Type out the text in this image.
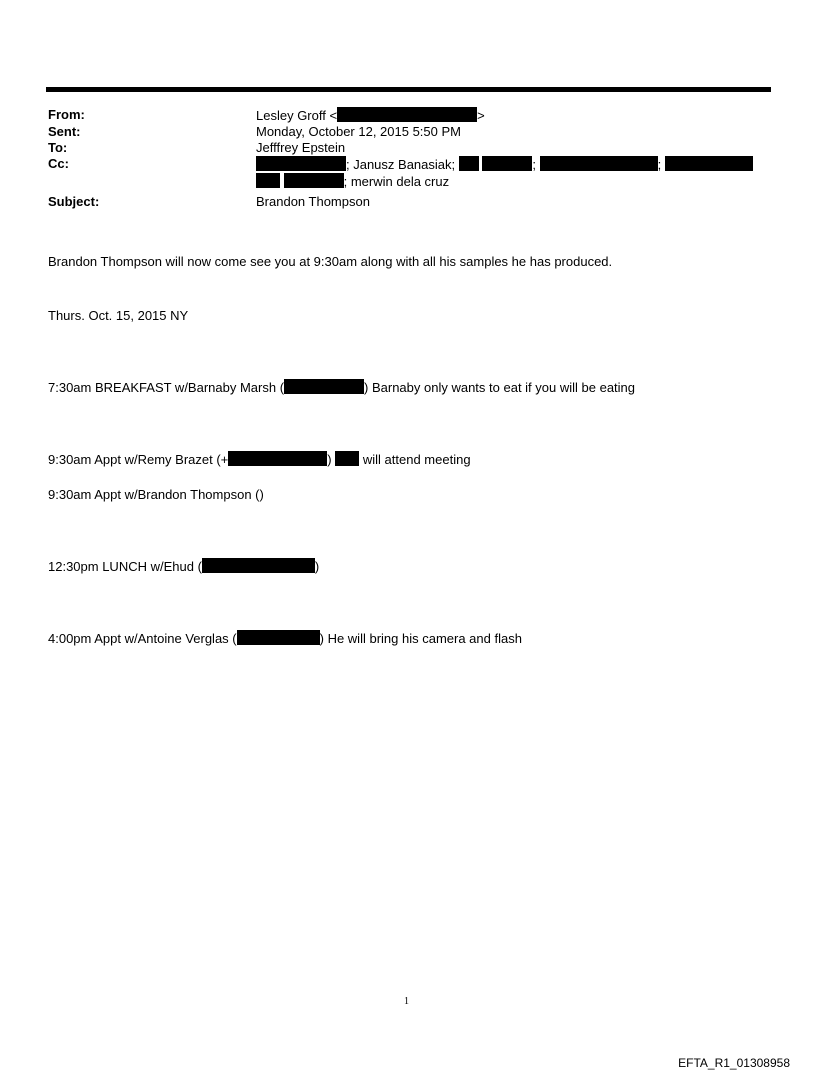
From:	Lesley Groff <	>
Sent:	Monday, October 12, 2015 5:50 PM
To:	Jefffrey Epstein
Cc:	; Janusz Banasiak;	;	;
; merwin dela cruz
Subject:	Brandon Thompson
Brandon Thompson will now come see you at 9:30am along with all his samples he has produced.
Thurs. Oct. 15, 2015 NY
7:30am BREAKFAST w/Barnaby Marsh (	) Barnaby only wants to eat if you will be eating
9:30am Appt w/Remy Brazet (+	) will attend meeting
9:30am Appt w/Brandon Thompson ()
12:30pm LUNCH w/Ehud (	)
4:00pm Appt w/Antoine Verglas (	) He will bring his camera and flash
1
EFTA_R1_01308958
